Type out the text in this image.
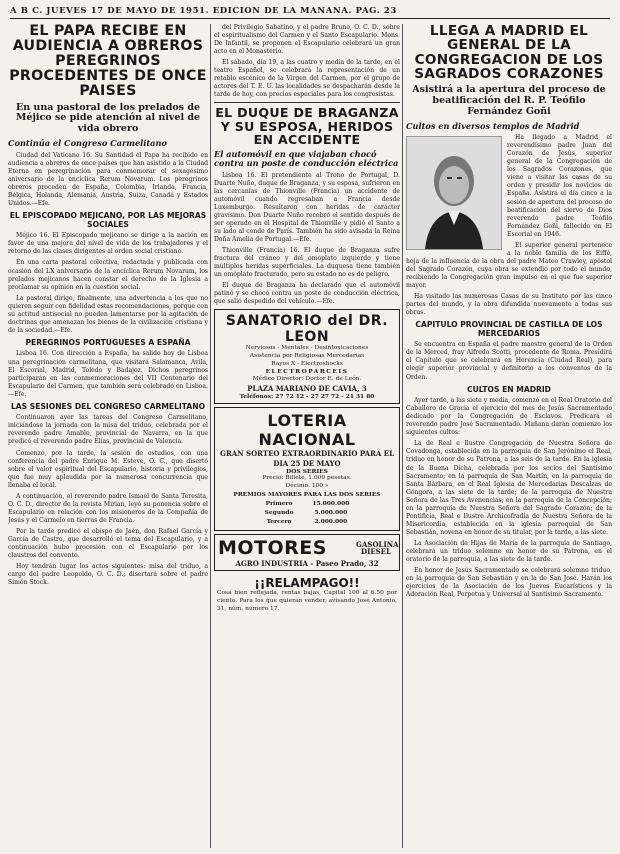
A B C. JUEVES 17 DE MAYO DE 1951. EDICION DE LA MAÑANA. PAG. 23
EL PAPA RECIBE EN AUDIENCIA A OBREROS PEREGRINOS PROCEDENTES DE ONCE PAISES
En una pastoral de los prelados de Méjico se pide atención al nivel de vida obrero
Continúa el Congreso Carmelitano
Ciudad del Vaticano 16. Su Santidad el Papa ha recibido en audiencia a obreros de once países que han asistido a la Ciudad Eterna en peregrinación para conmemorar el sexagésimo aniversario de la encíclica Rerum Novarum. Los peregrinos obreros proceden de España, Colombia, Irlanda, Francia, Bélgica, Holanda, Alemania, Austria, Suiza, Canadá y Estados Unidos.—Efe.
EL EPISCOPADO MEJICANO, POR LAS MEJORAS SOCIALES
Méjico 16. El Episcopado mejicano se dirige a la nación en favor de una mejora del nivel de vida de los trabajadores y el retorno de las clases dirigentes al orden social cristiano.
En una carta pastoral colectiva, redactada y publicada con ocasión del LX aniversario de la encíclica Rerum Novarum, los prelados mejicanos hacen constar el derecho de la Iglesia a proclamar su opinión en la cuestión social.
La pastoral dirige, finalmente, una advertencia a los que no quieren seguir con fidelidad estas recomendaciones, porque con su actitud antisocial no pueden lamentarse por la agitación de doctrinas que amenazan los bienes de la civilización cristiana y de la sociedad.—Efe.
PEREGRINOS PORTUGUESES A ESPAÑA
Lisboa 16. Con dirección a España, ha salido hoy de Lisboa una peregrinación carmelitana, que visitará Salamanca, Avila, El Escorial, Madrid, Toledo y Badajoz. Dichos peregrinos participarán en las conmemoraciones del VII Centenario del Escapulario del Carmen, que también será celebrado en Lisboa.—Efe.
LAS SESIONES DEL CONGRESO CARMELITANO
Continuaron ayer las tareas del Congreso Carmelitano, iniciándose la jornada con la misa del triduo, celebrada por el reverendo padre Amable, provincial de Navarra, en la que predicó el reverendo padre Elías, provincial de Valencia.
Comenzó, por la tarde, la sesión de estudios, con una conferencia del padre Enrique M. Esteve, O. C., que disertó sobre el valor espiritual del Escapulario, historia y privilegios, que fue muy aplaudida por la numerosa concurrencia que llenaba el local.
A continuación, el reverendo padre Ismael de Santa Teresita, O. C. D., director de la revista Mirian, leyó su ponencia sobre el Escapulario en relación con los misioneros de la Compañía de Jesús y el Carmelo en tierras de Francia.
Por la tarde predicó el obispo de Jaén, don Rafael García y García de Castro, que desarrolló el tema del Escapulario, y a continuación hubo procesión con el Escapulario por los claustros del convento.
Hoy tendrán lugar los actos siguientes: misa del triduo, a cargo del padre Leopoldo, O. C. D.; disertará sobre el padre Simón Stock.
del Privilegio Sabatino, y el padre Bruno, O. C. D., sobre el espiritualismo del Carmen y el Santo Escapulario. Mons. De Infantil, se proponen el Escapulario celebrará un gran acto en el Monasterio.
El sábado, día 19, a las cuatro y media de la tarde, en el teatro Español, se celebrará la representación de un retablo escénico de la Virgen del Carmen, por el grupo de actores del T. E. U. las localidades se despacharán desde la tarde de hoy, con precios especiales para los congresistas.
EL DUQUE DE BRAGANZA Y SU ESPOSA, HERIDOS EN ACCIDENTE
El automóvil en que viajaban chocó contra un poste de conducción eléctrica
Lisboa 16. El pretendiente al Trono de Portugal, D. Duarte Nuño, duque de Braganza, y su esposa, sufrieron en las cercanías de Thionville (Francia) un accidente de automóvil cuando regresaban a Francia desde Luxemburgo. Resultaron con heridas de carácter gravísimo. Don Duarte Nuño recobró el sentido después de ser operado en el Hospital de Thionville y pidió el Santo a su lado al conde de París. También ha sido avisada la Reina Doña Amelia de Portugal.—Efe.
Thionville (Francia) 16. El duque de Braganza sufre fractura del cráneo y del omoplato izquierdo y tiene múltiples heridas superficiales. La duquesa tiene también un omóplato fracturado, pero su estado no es de peligro.
El duque de Braganza ha declarado que el automóvil patinó y se chocó contra un poste de conducción eléctrica, que salió despedido del vehículo.—Efe.
SANATORIO del DR. LEON
Nerviosos - Mentales - Desintoxicaciones
Asistencia por Religiosas Mercedarias
Rayos X - Electroshocks
ELECTROPARCEIS
Médico Director: Doctor E. de León.
PLAZA MARIANO DE CAVIA, 3
Teléfonos: 27 72 12 - 27 27 72 - 21 31 80
LOTERIA NACIONAL
GRAN SORTEO EXTRAORDINARIO PARA EL DIA 25 DE MAYO
DOS SERIES
Precio: Billete, 1.000 pesetas.
Décimo. 100 »
PREMIOS MAYORES PARA LAS DOS SERIES
Primero	15.000.000
Segundo	5.000.000
Tercero	2.000.000
MOTORES	GASOLINA DIESEL
AGRO INDUSTRIA - Paseo Prado, 32
¡¡RELAMPAGO!!
Cosa bien reflejada, rentas bajas, Capital 100 al 6.50 por ciento. Para los que quieran vender, avisando José Antonio, 31, núm. número 17.
LLEGA A MADRID EL GENERAL DE LA CONGREGACION DE LOS SAGRADOS CORAZONES
Asistirá a la apertura del proceso de beatificación del R. P. Teófilo Fernández Goñi
Cultos en diversos templos de Madrid
Ha llegado a Madrid el reverendísimo padre Juan del Corazón de Jesús, superior general de la Congregación de los Sagrados Corazones, que viene a visitar las casas de su orden y presidir los novicios de España. Asistirá el día cinco a la sesión de apertura del proceso de beatificación del siervo de Dios reverendo padre Teófilo Fernández Goñi, fallecido en El Escorial en 1946.
El superior general pertenece a la noble familia de los Eiffé, hoja de la influencia de la obra del padre Mateo Crawley, apóstol del Sagrado Corazón, cuya obra se extendió por todo el mundo, recibiendo la Congregación gran impulso en el que fue superior mayor.
Ha visitado las numerosas Casas de su Instituto por las cinco partes del mundo, y la obra difundida nuevamente a todas sus obras.
CAPITULO PROVINCIAL DE CASTILLA DE LOS MERCEDARIOS
Se encuentra en España el padre maestro general de la Orden de la Merced, fray Alfredo Scotti, procedente de Roma. Presidirá el Capítulo que se celebrará en Herencia (Ciudad Real), para elegir superior provincial y definitorio a los conventos de la Orden.
CULTOS EN MADRID
Ayer tarde, a las siete y media, comenzó en el Real Oratorio del Caballero de Gracia el ejercicio del mes de Jesús Sacramentado dedicado por la Congregación de Esclavos. Predicará el reverendo padre José Sacramentado. Mañana darán comienzo los siguientes cultos:
La de Real e Ilustre Congregación de Nuestra Señora de Covadonga, establecida en la parroquia de San Jerónimo el Real, triduo en honor de su Patrona, a las seis de la tarde. En la iglesia de la Buena Dicha, celebrada por los socios del Santísimo Sacramento; en la parroquia de San Martín, en la parroquia de Santa Bárbara, en el Real Iglesia de Mercedarias Descalzas de Góngora, a las siete de la tarde; de la parroquia de Nuestra Señora de las Tres Avenencias; en la parroquia de la Concepción; en la parroquia de Nuestra Señora del Sagrado Corazón; de la Pontificia, Real e Ilustre Archicofradía de Nuestra Señora de la Misericordia, establecida en la iglesia parroquial de San Sebastián, novena en honor de su titular, por la tarde, a las siete.
La Asociación de Hijas de María de la parroquia de Santiago, celebrará un triduo solemne en honor de su Patrona, en el oratorio de la parroquia, a las siete de la tarde.
En honor de Jesús Sacramentado se celebrará solemne triduo, en la parroquia de San Sebastián y en la de San José. Harán los ejercicios de la Asociación de los Jueves Eucarísticos y la Adoración Real, Perpetua y Universal al Santísimo Sacramento.
